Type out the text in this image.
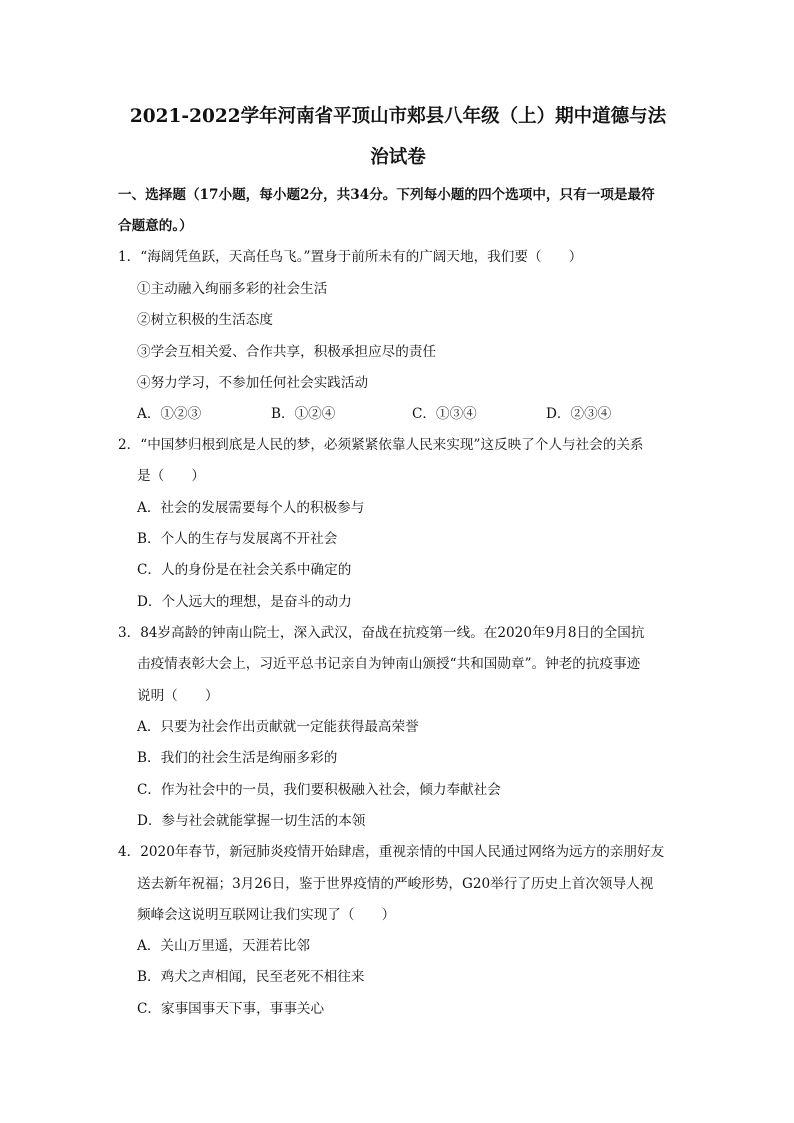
2021-2022学年河南省平顶山市郏县八年级（上）期中道德与法
治试卷
一、选择题（17小题，每小题2分，共34分。下列每小题的四个选项中，只有一项是最符
合题意的。）
1．“海阔凭鱼跃，天高任鸟飞。”置身于前所未有的广阔天地，我们要（　　）
①主动融入绚丽多彩的社会生活
②树立积极的生活态度
③学会互相关爱、合作共享，积极承担应尽的责任
④努力学习，不参加任何社会实践活动
A．①②③	B．①②④	C．①③④	D．②③④
2．“中国梦归根到底是人民的梦，必须紧紧依靠人民来实现”这反映了个人与社会的关系
是（　　）
A．社会的发展需要每个人的积极参与
B．个人的生存与发展离不开社会
C．人的身份是在社会关系中确定的
D．个人远大的理想，是奋斗的动力
3．84岁高龄的钟南山院士，深入武汉，奋战在抗疫第一线。在2020年9月8日的全国抗
击疫情表彰大会上，习近平总书记亲自为钟南山颁授“共和国勋章”。钟老的抗疫事迹
说明（　　）
A．只要为社会作出贡献就一定能获得最高荣誉
B．我们的社会生活是绚丽多彩的
C．作为社会中的一员，我们要积极融入社会，倾力奉献社会
D．参与社会就能掌握一切生活的本领
4．2020年春节，新冠肺炎疫情开始肆虐，重视亲情的中国人民通过网络为远方的亲朋好友
送去新年祝福；3月26日，鉴于世界疫情的严峻形势，G20举行了历史上首次领导人视
频峰会这说明互联网让我们实现了（　　）
A．关山万里遥，天涯若比邻
B．鸡犬之声相闻，民至老死不相往来
C．家事国事天下事，事事关心
